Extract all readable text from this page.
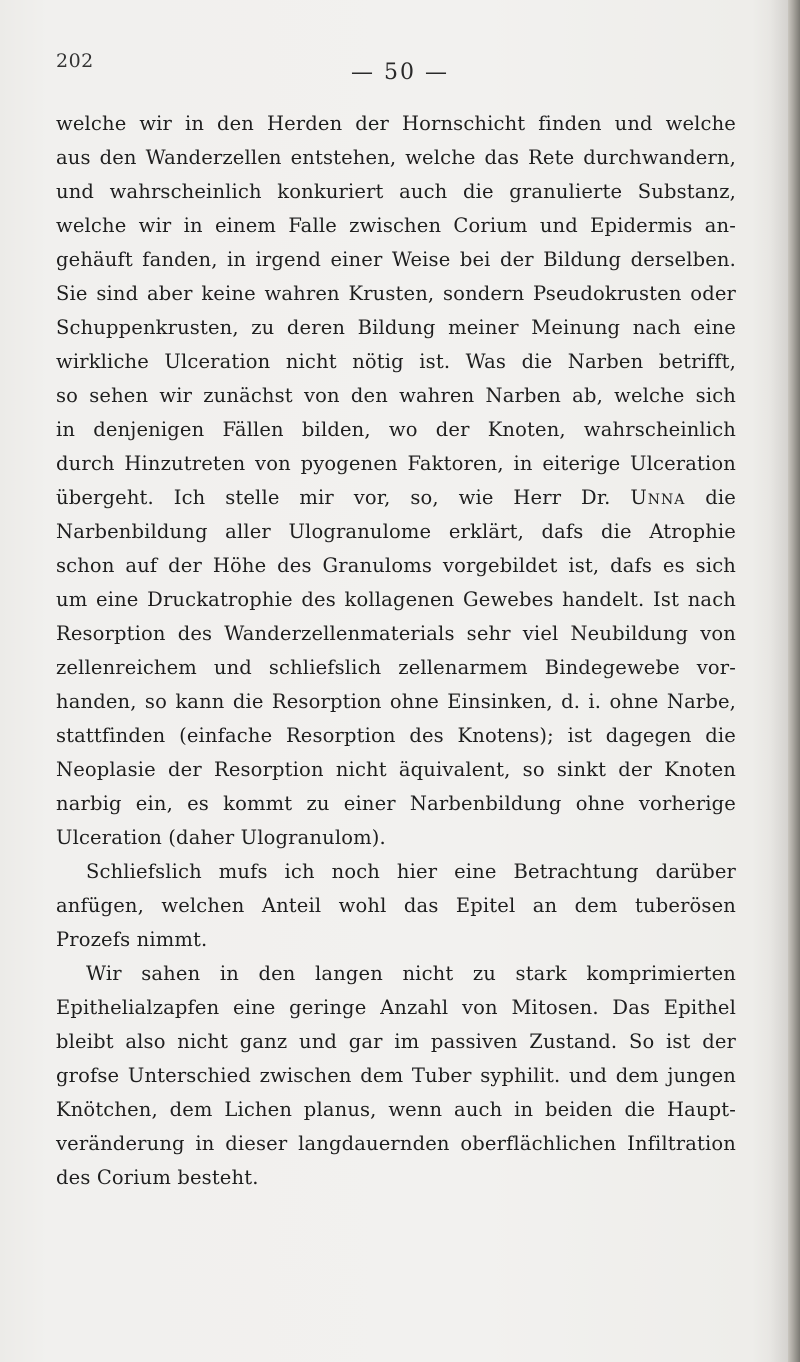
202	— 50 —
welche wir in den Herden der Hornschicht finden und welche
aus den Wanderzellen entstehen, welche das Rete durchwandern,
und wahrscheinlich konkuriert auch die granulierte Substanz,
welche wir in einem Falle zwischen Corium und Epidermis an-
gehäuft fanden, in irgend einer Weise bei der Bildung derselben.
Sie sind aber keine wahren Krusten, sondern Pseudokrusten oder
Schuppenkrusten, zu deren Bildung meiner Meinung nach eine
wirkliche Ulceration nicht nötig ist. Was die Narben betrifft,
so sehen wir zunächst von den wahren Narben ab, welche sich
in denjenigen Fällen bilden, wo der Knoten, wahrscheinlich
durch Hinzutreten von pyogenen Faktoren, in eiterige Ulceration
übergeht. Ich stelle mir vor, so, wie Herr Dr. Unna die
Narbenbildung aller Ulogranulome erklärt, dafs die Atrophie
schon auf der Höhe des Granuloms vorgebildet ist, dafs es sich
um eine Druckatrophie des kollagenen Gewebes handelt. Ist nach
Resorption des Wanderzellenmaterials sehr viel Neubildung von
zellenreichem und schliefslich zellenarmem Bindegewebe vor-
handen, so kann die Resorption ohne Einsinken, d. i. ohne Narbe,
stattfinden (einfache Resorption des Knotens); ist dagegen die
Neoplasie der Resorption nicht äquivalent, so sinkt der Knoten
narbig ein, es kommt zu einer Narbenbildung ohne vorherige
Ulceration (daher Ulogranulom).
Schliefslich mufs ich noch hier eine Betrachtung darüber
anfügen, welchen Anteil wohl das Epitel an dem tuberösen
Prozefs nimmt.
Wir sahen in den langen nicht zu stark komprimierten
Epithelialzapfen eine geringe Anzahl von Mitosen. Das Epithel
bleibt also nicht ganz und gar im passiven Zustand. So ist der
grofse Unterschied zwischen dem Tuber syphilit. und dem jungen
Knötchen, dem Lichen planus, wenn auch in beiden die Haupt-
veränderung in dieser langdauernden oberflächlichen Infiltration
des Corium besteht.
